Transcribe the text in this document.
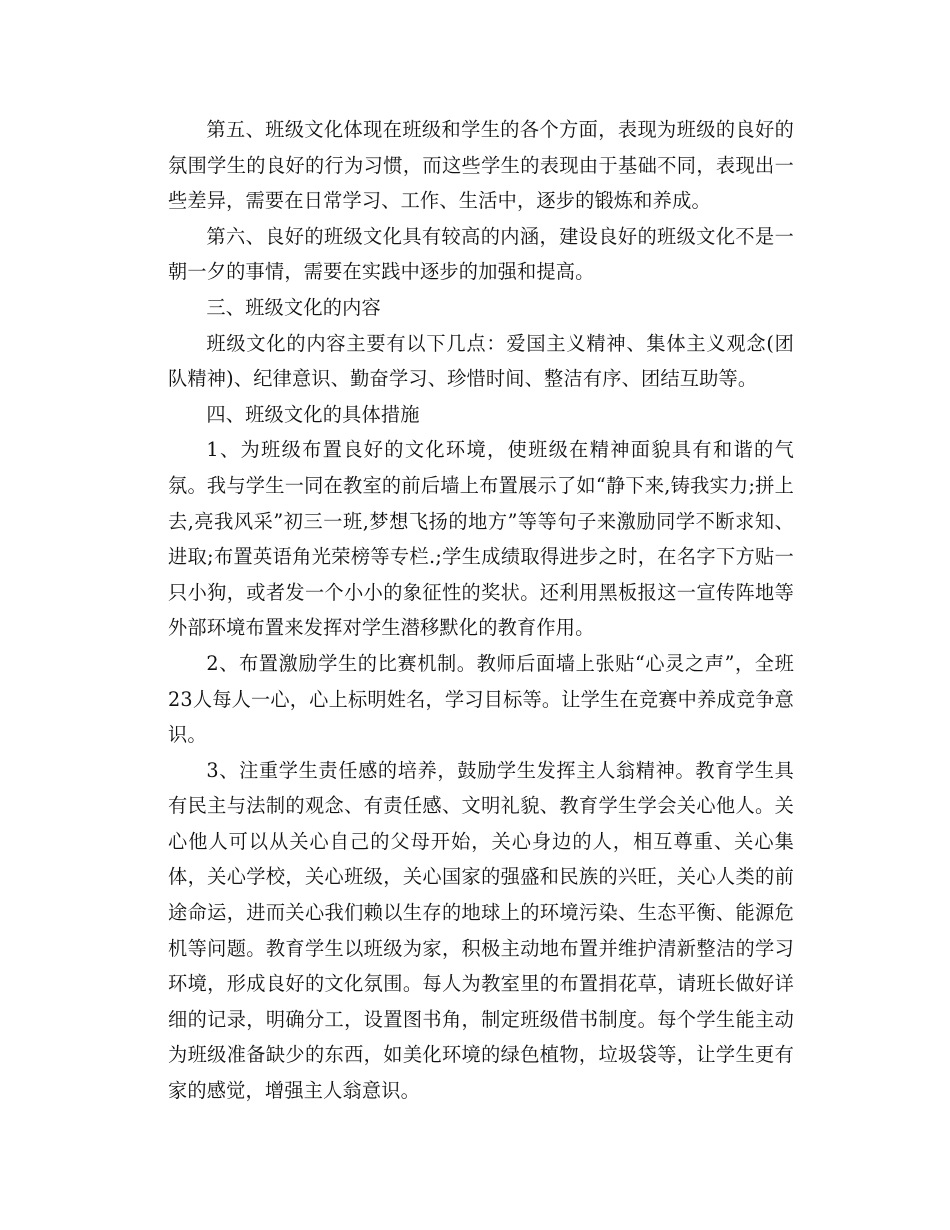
第五、班级文化体现在班级和学生的各个方面，表现为班级的良好的氛围学生的良好的行为习惯，而这些学生的表现由于基础不同，表现出一些差异，需要在日常学习、工作、生活中，逐步的锻炼和养成。

第六、良好的班级文化具有较高的内涵，建设良好的班级文化不是一朝一夕的事情，需要在实践中逐步的加强和提高。

三、班级文化的内容

班级文化的内容主要有以下几点：爱国主义精神、集体主义观念(团队精神)、纪律意识、勤奋学习、珍惜时间、整洁有序、团结互助等。

四、班级文化的具体措施

1、为班级布置良好的文化环境，使班级在精神面貌具有和谐的气氛。我与学生一同在教室的前后墙上布置展示了如“静下来,铸我实力;拼上去,亮我风采”初三一班,梦想飞扬的地方”等等句子来激励同学不断求知、进取;布置英语角光荣榜等专栏.;学生成绩取得进步之时，在名字下方贴一只小狗，或者发一个小小的象征性的奖状。还利用黑板报这一宣传阵地等外部环境布置来发挥对学生潜移默化的教育作用。

2、布置激励学生的比赛机制。教师后面墙上张贴“心灵之声”，全班23人每人一心，心上标明姓名，学习目标等。让学生在竞赛中养成竞争意识。

3、注重学生责任感的培养，鼓励学生发挥主人翁精神。教育学生具有民主与法制的观念、有责任感、文明礼貌、教育学生学会关心他人。关心他人可以从关心自己的父母开始，关心身边的人，相互尊重、关心集体，关心学校，关心班级，关心国家的强盛和民族的兴旺，关心人类的前途命运，进而关心我们赖以生存的地球上的环境污染、生态平衡、能源危机等问题。教育学生以班级为家，积极主动地布置并维护清新整洁的学习环境，形成良好的文化氛围。每人为教室里的布置捐花草，请班长做好详细的记录，明确分工，设置图书角，制定班级借书制度。每个学生能主动为班级准备缺少的东西，如美化环境的绿色植物，垃圾袋等，让学生更有家的感觉，增强主人翁意识。
